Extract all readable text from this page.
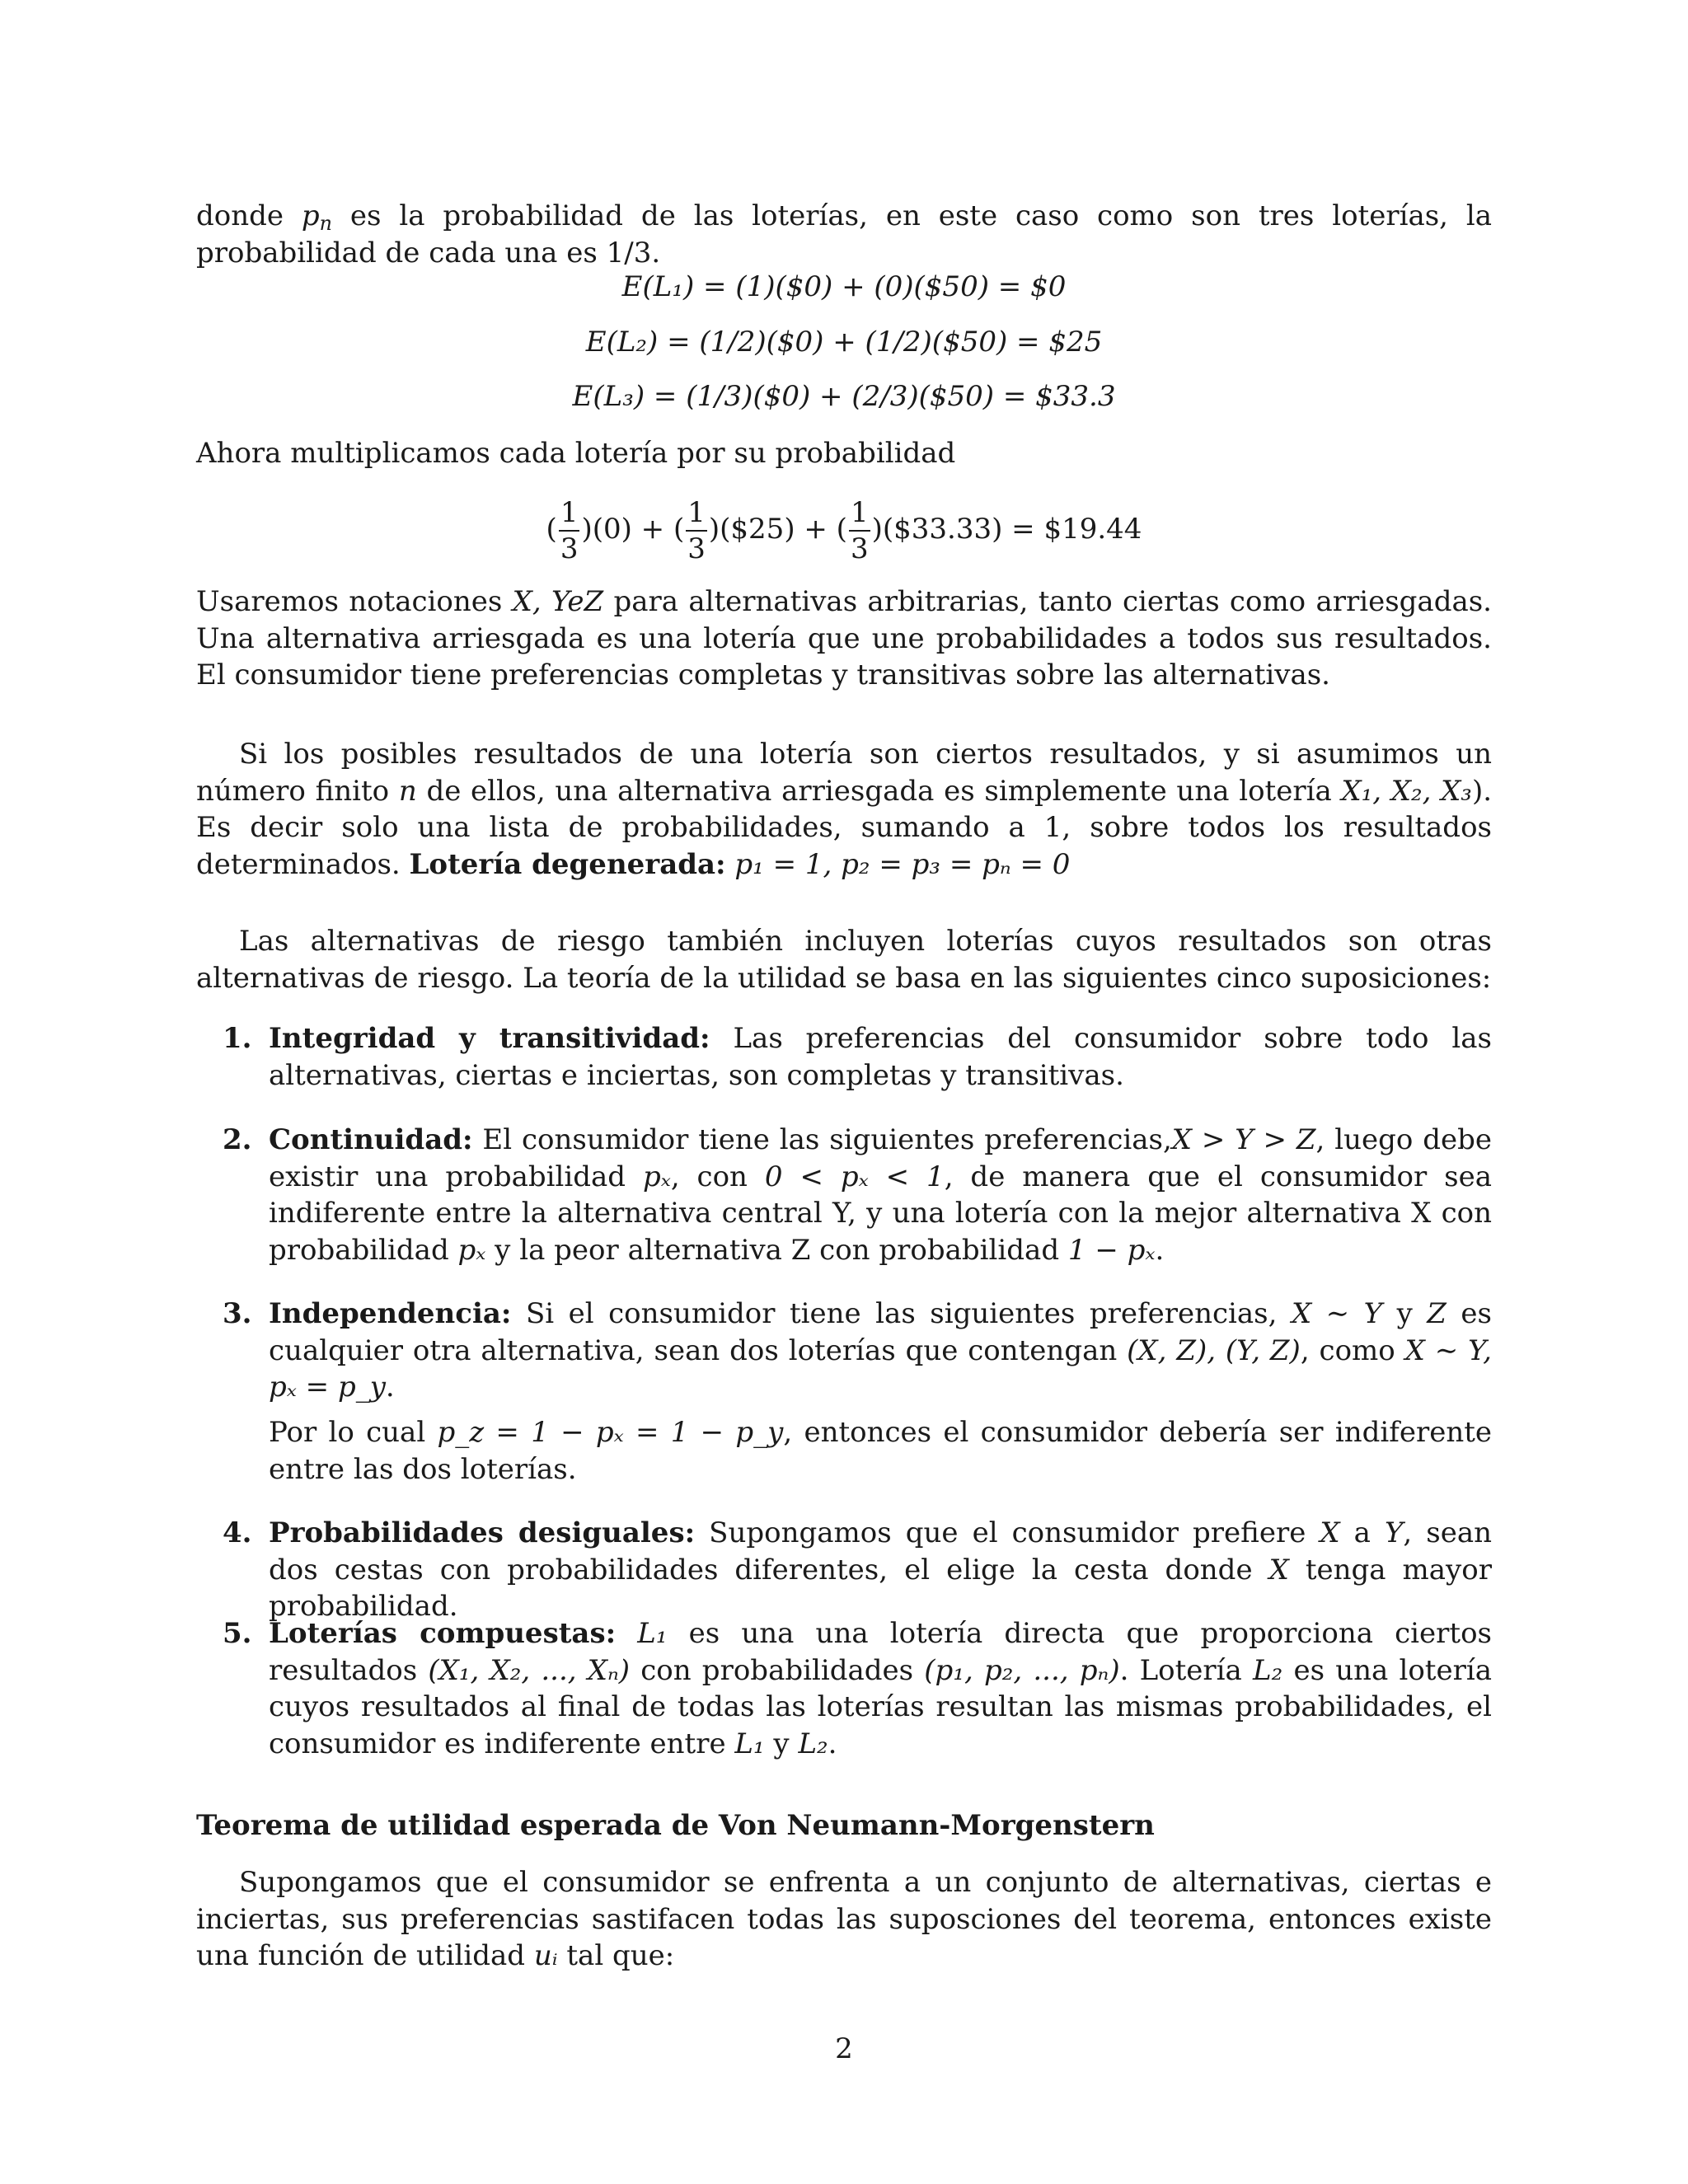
donde $p_n$ es la probabilidad de las loterías, en este caso como son tres loterías, la probabilidad de cada una es 1/3.
E(L₁) = (1)($0) + (0)($50) = $0
E(L₂) = (1/2)($0) + (1/2)($50) = $25
E(L₃) = (1/3)($0) + (2/3)($50) = $33.3
Ahora multiplicamos cada lotería por su probabilidad
( $\frac{1}{3} )(0)$ + ( $\frac{1}{3}$ )($25) + ( $\frac{1}{3}$ )($33.33) = $19.44
Usaremos notaciones X, YeZ para alternativas arbitrarias, tanto ciertas como arriesgadas. Una alternativa arriesgada es una lotería que une probabilidades a todos sus resultados. El consumidor tiene preferencias completas y transitivas sobre las alternativas.
Si los posibles resultados de una lotería son ciertos resultados, y si asumimos un número finito n de ellos, una alternativa arriesgada es simplemente una lotería X₁, X₂, X₃). Es decir solo una lista de probabilidades, sumando a 1, sobre todos los resultados determinados. Lotería degenerada: p₁ = 1, p₂ = p₃ = pₙ = 0
Las alternativas de riesgo también incluyen loterías cuyos resultados son otras alternativas de riesgo. La teoría de la utilidad se basa en las siguientes cinco suposiciones:
1. Integridad y transitividad: Las preferencias del consumidor sobre todo las alternativas, ciertas e inciertas, son completas y transitivas.
2. Continuidad: El consumidor tiene las siguientes preferencias,X > Y > Z, luego debe existir una probabilidad pₓ, con 0 < pₓ < 1, de manera que el consumidor sea indiferente entre la alternativa central Y, y una lotería con la mejor alternativa X con probabilidad pₓ y la peor alternativa Z con probabilidad 1 − pₓ.
3. Independencia: Si el consumidor tiene las siguientes preferencias, X ∼ Y y Z es cualquier otra alternativa, sean dos loterías que contengan (X, Z), (Y, Z), como X ∼ Y, pₓ = p_y.
Por lo cual p_z = 1 − pₓ = 1 − p_y, entonces el consumidor debería ser indiferente entre las dos loterías.
4. Probabilidades desiguales: Supongamos que el consumidor prefiere X a Y, sean dos cestas con probabilidades diferentes, el elige la cesta donde X tenga mayor probabilidad.
5. Loterías compuestas: L₁ es una una lotería directa que proporciona ciertos resultados (X₁, X₂, ..., Xₙ) con probabilidades (p₁, p₂, ..., pₙ). Lotería L₂ es una lotería cuyos resultados al final de todas las loterías resultan las mismas probabilidades, el consumidor es indiferente entre L₁ y L₂.
Teorema de utilidad esperada de Von Neumann-Morgenstern
Supongamos que el consumidor se enfrenta a un conjunto de alternativas, ciertas e inciertas, sus preferencias sastifacen todas las suposciones del teorema, entonces existe una función de utilidad uᵢ tal que:
2
